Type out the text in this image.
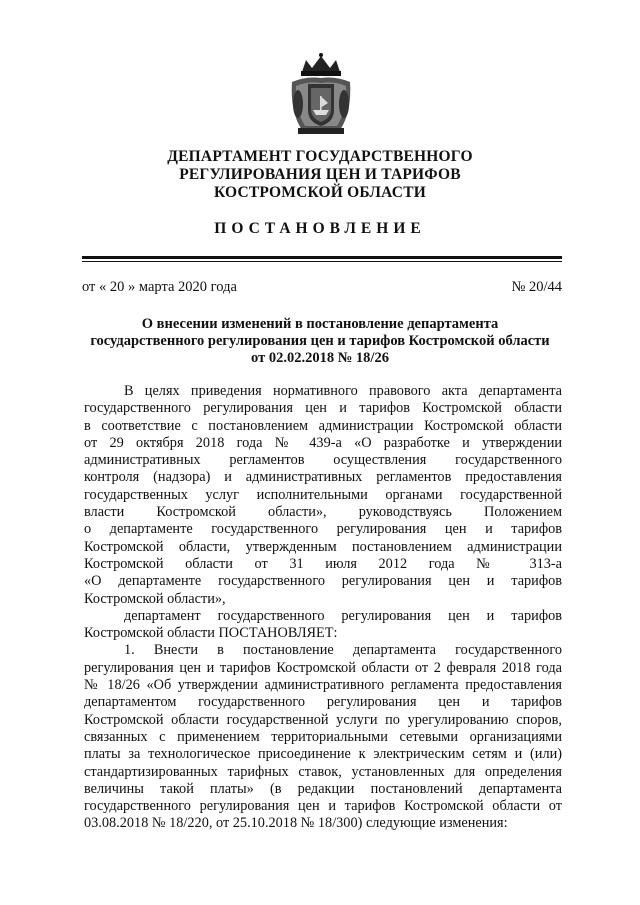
ДЕПАРТАМЕНТ ГОСУДАРСТВЕННОГО
РЕГУЛИРОВАНИЯ ЦЕН И ТАРИФОВ
КОСТРОМСКОЙ ОБЛАСТИ
ПОСТАНОВЛЕНИЕ
от « 20 » марта 2020 года	№ 20/44
О внесении изменений в постановление департамента
государственного регулирования цен и тарифов Костромской области
от 02.02.2018 № 18/26

В целях приведения нормативного правового акта департамента

государственного регулирования цен и тарифов Костромской области

в соответствие с постановлением администрации Костромской области

от 29 октября 2018 года № 439-а «О разработке и утверждении

административных регламентов осуществления государственного

контроля (надзора) и административных регламентов предоставления

государственных услуг исполнительными органами государственной

власти Костромской области», руководствуясь Положением

о департаменте государственного регулирования цен и тарифов

Костромской области, утвержденным постановлением администрации

Костромской области от 31 июля 2012 года № 313-а

«О департаменте государственного регулирования цен и тарифов

Костромской области»,

департамент государственного регулирования цен и тарифов

Костромской области ПОСТАНОВЛЯЕТ:

1. Внести в постановление департамента государственного

регулирования цен и тарифов Костромской области от 2 февраля 2018 года

№ 18/26 «Об утверждении административного регламента предоставления

департаментом государственного регулирования цен и тарифов

Костромской области государственной услуги по урегулированию споров,

связанных с применением территориальными сетевыми организациями

платы за технологическое присоединение к электрическим сетям и (или)

стандартизированных тарифных ставок, установленных для определения

величины такой платы» (в редакции постановлений департамента

государственного регулирования цен и тарифов Костромской области от

03.08.2018 № 18/220, от 25.10.2018 № 18/300) следующие изменения:
